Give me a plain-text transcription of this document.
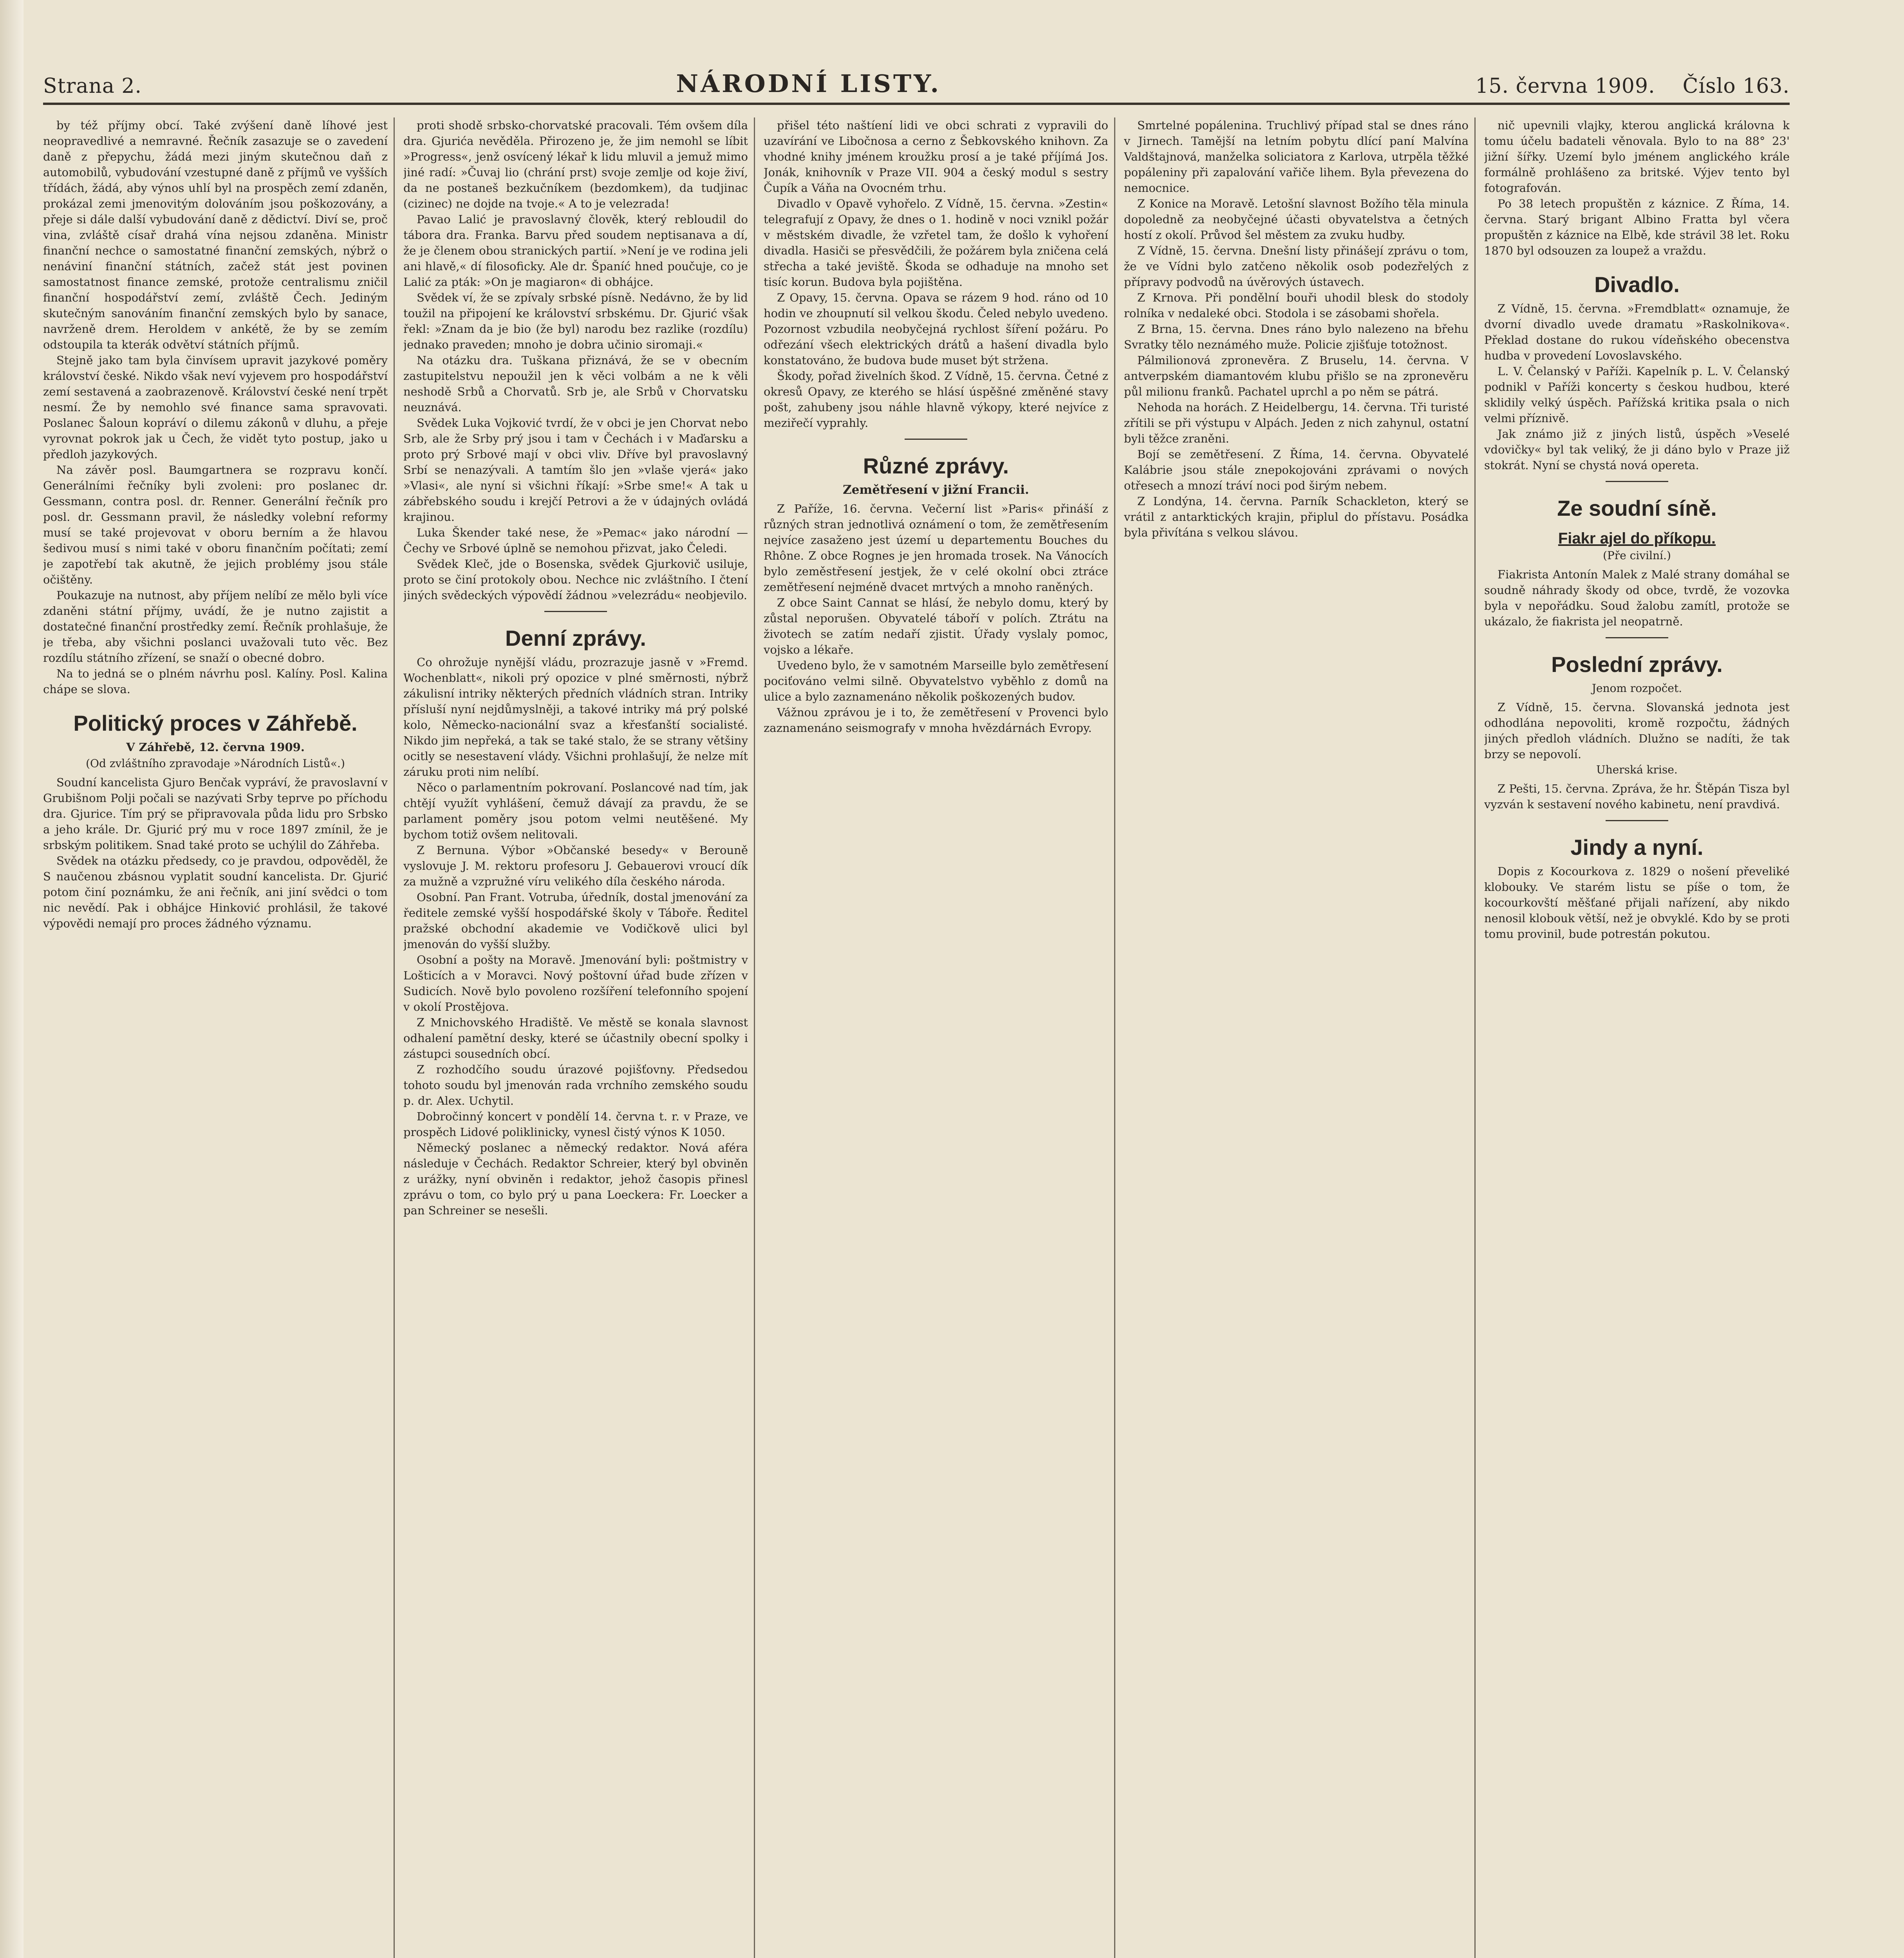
Strana 2.	NÁRODNÍ LISTY.	15. června 1909. Číslo 163.

by též příjmy obcí. Také zvýšení daně líhové jest neopravedlivé a nemravné. Řečník zasazuje se o zavedení daně z přepychu, žádá mezi jiným skutečnou daň z automobilů, vybudování vzestupné daně z příjmů ve vyšších třídách, žádá, aby výnos uhlí byl na prospěch zemí zdaněn, prokázal zemi jmenovitým dolováním jsou poškozovány, a přeje si dále další vybudování daně z dědictví. Diví se, proč vina, zvláště císař drahá vína nejsou zdaněna. Ministr finanční nechce o samostatné finanční zemských, nýbrž o nenáviní finanční státních, začež stát jest povinen samostatnost finance zemské, protože centralismu zničil finanční hospodářství zemí, zvláště Čech. Jediným skutečným sanováním finanční zemských bylo by sanace, navrženě drem. Heroldem v ankétě, že by se zemím odstoupila ta kterák odvětví státních příjmů.

Stejně jako tam byla činvísem upravit jazykové poměry království české. Nikdo však neví vyjevem pro hospodářství zemí sestavená a zaobrazenově. Království české není trpět nesmí. Že by nemohlo své finance sama spravovati. Poslanec Šaloun kopráví o dilemu zákonů v dluhu, a přeje vyrovnat pokrok jak u Čech, že vidět tyto postup, jako u předloh jazykových.

Na závěr posl. Baumgartnera se rozpravu končí. Generálními řečníky byli zvoleni: pro poslanec dr. Gessmann, contra posl. dr. Renner. Generální řečník pro posl. dr. Gessmann pravil, že následky volební reformy musí se také projevovat v oboru berním a že hlavou šedivou musí s nimi také v oboru finančním počítati; zemí je zapotřebí tak akutně, že jejich problémy jsou stále očištěny.

Poukazuje na nutnost, aby příjem nelíbí ze mělo byli více zdaněni státní příjmy, uvádí, že je nutno zajistit a dostatečné finanční prostředky zemí. Řečník prohlašuje, že je třeba, aby všichni poslanci uvažovali tuto věc. Bez rozdílu státního zřízení, se snaží o obecné dobro.

Na to jedná se o plném návrhu posl. Kalíny. Posl. Kalina chápe se slova.

Politický proces v Záhřebě.
V Záhřebě, 12. června 1909.
(Od zvláštního zpravodaje »Národních Listů«.)

Soudní kancelista Gjuro Benčak vypráví, že pravoslavní v Grubišnom Polji počali se nazývati Srby teprve po příchodu dra. Gjurice. Tím prý se připravovala půda lidu pro Srbsko a jeho krále. Dr. Gjurić prý mu v roce 1897 zmínil, že je srbským politikem. Snad také proto se uchýlil do Záhřeba.

Svědek na otázku předsedy, co je pravdou, odpověděl, že S naučenou zbásnou vyplatit soudní kancelista. Dr. Gjurić potom činí poznámku, že ani řečník, ani jiní svědci o tom nic nevědí. Pak i obhájce Hinković prohlásil, že takové výpovědi nemají pro proces žádného významu.

proti shodě srbsko-chorvatské pracovali. Tém ovšem díla dra. Gjurića nevěděla. Přirozeno je, že jim nemohl se líbit »Progress«, jenž osvícený lékař k lidu mluvil a jemuž mimo jiné radí: »Čuvaj lio (chrání prst) svoje zemlje od koje živí, da ne postaneš bezkučníkem (bezdomkem), da tudjinac (cizinec) ne dojde na tvoje.« A to je velezrada!

Pavao Lalić je pravoslavný člověk, který rebloudil do tábora dra. Franka. Barvu před soudem neptisanava a dí, že je členem obou stranických partií. »Není je ve rodina jeli ani hlavě,« dí filosoficky. Ale dr. Španíć hned poučuje, co je Lalić za pták: »On je magiaron« di obhájce.

Svědek ví, že se zpívaly srbské písně. Nedávno, že by lid toužil na připojení ke království srbskému. Dr. Gjurić však řekl: »Znam da je bio (že byl) narodu bez razlike (rozdílu) jednako praveden; mnoho je dobra učinio siromaji.«

Na otázku dra. Tuškana přiznává, že se v obecním zastupitelstvu nepoužil jen k věci volbám a ne k věli neshodě Srbů a Chorvatů. Srb je, ale Srbů v Chorvatsku neuznává.

Svědek Luka Vojković tvrdí, že v obci je jen Chorvat nebo Srb, ale že Srby prý jsou i tam v Čechách i v Maďarsku a proto prý Srbové mají v obci vliv. Dříve byl pravoslavný Srbí se nenazývali. A tamtím šlo jen »vlaše vjerá« jako »Vlasi«, ale nyní si všichni říkají: »Srbe sme!« A tak u zábřebského soudu i krejčí Petrovi a že v údajných ovládá krajinou.

Luka Škender také nese, že »Pemac« jako národní — Čechy ve Srbové úplně se nemohou přizvat, jako Čeledi.

Svědek Kleč, jde o Bosenska, svědek Gjurkovič usiluje, proto se činí protokoly obou. Nechce nic zvláštního. I čtení jiných svědeckých výpovědí žádnou »velezrádu« neobjevilo.

Denní zprávy.

Co ohrožuje nynější vládu, prozrazuje jasně v »Fremd. Wochenblatt«, nikoli prý opozice v plné směrnosti, nýbrž zákulisní intriky některých předních vládních stran. Intriky přísluší nyní nejdůmyslněji, a takové intriky má prý polské kolo, Německo-nacionální svaz a křesťanští socialisté. Nikdo jim nepřeká, a tak se také stalo, že se strany většiny ocitly se nesestavení vlády. Všichni prohlašují, že nelze mít záruku proti nim nelíbí.

Něco o parlamentním pokrovaní. Poslancové nad tím, jak chtějí využít vyhlášení, čemuž dávají za pravdu, že se parlament poměry jsou potom velmi neutěšené. My bychom totiž ovšem nelitovali.

Z Bernuna. Výbor »Občanské besedy« v Berouně vyslovuje J. M. rektoru profesoru J. Gebauerovi vroucí dík za mužně a vzpružné víru velikého díla českého národa.

Osobní. Pan Frant. Votruba, úředník, dostal jmenování za ředitele zemské vyšší hospodářské školy v Táboře. Ředitel pražské obchodní akademie ve Vodičkově ulici byl jmenován do vyšší služby.

Osobní a pošty na Moravě. Jmenování byli: poštmistry v Lošticích a v Moravci. Nový poštovní úřad bude zřízen v Sudicích. Nově bylo povoleno rozšíření telefonního spojení v okolí Prostějova.

Z Mnichovského Hradiště. Ve městě se konala slavnost odhalení pamětní desky, které se účastnily obecní spolky i zástupci sousedních obcí.

Z rozhodčího soudu úrazové pojišťovny. Předsedou tohoto soudu byl jmenován rada vrchního zemského soudu p. dr. Alex. Uchytil.

Dobročinný koncert v pondělí 14. června t. r. v Praze, ve prospěch Lidové poliklinicky, vynesl čistý výnos K 1050.

Německý poslanec a německý redaktor. Nová aféra následuje v Čechách. Redaktor Schreier, který byl obviněn z urážky, nyní obviněn i redaktor, jehož časopis přinesl zprávu o tom, co bylo prý u pana Loeckera: Fr. Loecker a pan Schreiner se nesešli.

přišel této naštíení lidi ve obci schrati z vypravili do uzavírání ve Libočnosa a cerno z Šebkovského knihovn. Za vhodné knihy jménem kroužku prosí a je také příjímá Jos. Jonák, knihovník v Praze VII. 904 a český modul s sestry Čupík a Váňa na Ovocném trhu.

Divadlo v Opavě vyhořelo. Z Vídně, 15. června. »Zestin« telegrafují z Opavy, že dnes o 1. hodině v noci vznikl požár v městském divadle, že vzřetel tam, že došlo k vyhoření divadla. Hasiči se přesvědčili, že požárem byla zničena celá střecha a také jeviště. Škoda se odhaduje na mnoho set tisíc korun. Budova byla pojištěna.

Z Opavy, 15. června. Opava se rázem 9 hod. ráno od 10 hodin ve zhoupnutí sil velkou škodu. Čeled nebylo uvedeno. Pozornost vzbudila neobyčejná rychlost šíření požáru. Po odřezání všech elektrických drátů a hašení divadla bylo konstatováno, že budova bude muset být stržena.

Škody, pořad živelních škod. Z Vídně, 15. června. Četné z okresů Opavy, ze kterého se hlásí úspěšné změněné stavy pošt, zahubeny jsou náhle hlavně výkopy, které nejvíce z meziřečí vyprahly.

Různé zprávy.
Zemětřesení v jižní Francii.

Z Paříže, 16. června. Večerní list »Paris« přináší z různých stran jednotlivá oznámení o tom, že zemětřesením nejvíce zasaženo jest území u departementu Bouches du Rhône. Z obce Rognes je jen hromada trosek. Na Vánocích bylo zeměstřesení jestjek, že v celé okolní obci ztráce zemětřesení nejméně dvacet mrtvých a mnoho raněných.

Z obce Saint Cannat se hlásí, že nebylo domu, který by zůstal neporušen. Obyvatelé táboří v polích. Ztrátu na životech se zatím nedaří zjistit. Úřady vyslaly pomoc, vojsko a lékaře.

Uvedeno bylo, že v samotném Marseille bylo zemětřesení pociťováno velmi silně. Obyvatelstvo vyběhlo z domů na ulice a bylo zaznamenáno několik poškozených budov.

Vážnou zprávou je i to, že zemětřesení v Provenci bylo zaznamenáno seismografy v mnoha hvězdárnách Evropy.

Smrtelné popálenina. Truchlivý případ stal se dnes ráno v Jirnech. Tamější na letním pobytu dlící paní Malvína Valdštajnová, manželka soliciatora z Karlova, utrpěla těžké popáleniny při zapalování vařiče lihem. Byla převezena do nemocnice.

Z Konice na Moravě. Letošní slavnost Božího těla minula dopoledně za neobyčejné účasti obyvatelstva a četných hostí z okolí. Průvod šel městem za zvuku hudby.

Z Vídně, 15. června. Dnešní listy přinášejí zprávu o tom, že ve Vídni bylo zatčeno několik osob podezřelých z přípravy podvodů na úvěrových ústavech.

Z Krnova. Při pondělní bouři uhodil blesk do stodoly rolníka v nedaleké obci. Stodola i se zásobami shořela.

Z Brna, 15. června. Dnes ráno bylo nalezeno na břehu Svratky tělo neznámého muže. Policie zjišťuje totožnost.

Pálmilionová zpronevěra. Z Bruselu, 14. června. V antverpském diamantovém klubu přišlo se na zpronevěru půl milionu franků. Pachatel uprchl a po něm se pátrá.

Nehoda na horách. Z Heidelbergu, 14. června. Tři turisté zřítili se při výstupu v Alpách. Jeden z nich zahynul, ostatní byli těžce zraněni.

Bojí se zemětřesení. Z Říma, 14. června. Obyvatelé Kalábrie jsou stále znepokojováni zprávami o nových otřesech a mnozí tráví noci pod širým nebem.

Z Londýna, 14. června. Parník Schackleton, který se vrátil z antarktických krajin, připlul do přístavu. Posádka byla přivítána s velkou slávou.

nič upevnili vlajky, kterou anglická královna k tomu účelu badateli věnovala. Bylo to na 88° 23' jižní šířky. Uzemí bylo jménem anglického krále formálně prohlášeno za britské. Výjev tento byl fotografován.

Po 38 letech propuštěn z káznice. Z Říma, 14. června. Starý brigant Albino Fratta byl včera propuštěn z káznice na Elbě, kde strávil 38 let. Roku 1870 byl odsouzen za loupež a vraždu.

Divadlo.

Z Vídně, 15. června. »Fremdblatt« oznamuje, že dvorní divadlo uvede dramatu »Raskolnikova«. Překlad dostane do rukou vídeňského obecenstva hudba v provedení Lovoslavského.

L. V. Čelanský v Paříži. Kapelník p. L. V. Čelanský podnikl v Paříži koncerty s českou hudbou, které sklidily velký úspěch. Pařížská kritika psala o nich velmi příznivě.

Jak známo již z jiných listů, úspěch »Veselé vdovičky« byl tak veliký, že ji dáno bylo v Praze již stokrát. Nyní se chystá nová opereta.

Ze soudní síně.
Fiakr ajel do příkopu.
(Pře civilní.)

Fiakrista Antonín Malek z Malé strany domáhal se soudně náhrady škody od obce, tvrdě, že vozovka byla v nepořádku. Soud žalobu zamítl, protože se ukázalo, že fiakrista jel neopatrně.

Poslední zprávy.
Jenom rozpočet.

Z Vídně, 15. června. Slovanská jednota jest odhodlána nepovoliti, kromě rozpočtu, žádných jiných předloh vládních. Dlužno se nadíti, že tak brzy se nepovolí.

Uherská krise.

Z Pešti, 15. června. Zpráva, že hr. Štěpán Tisza byl vyzván k sestavení nového kabinetu, není pravdivá.

Jindy a nyní.

Dopis z Kocourkova z. 1829 o nošení převeliké klobouky. Ve starém listu se píše o tom, že kocourkovští měšťané přijali nařízení, aby nikdo nenosil klobouk větší, než je obvyklé. Kdo by se proti tomu provinil, bude potrestán pokutou.
